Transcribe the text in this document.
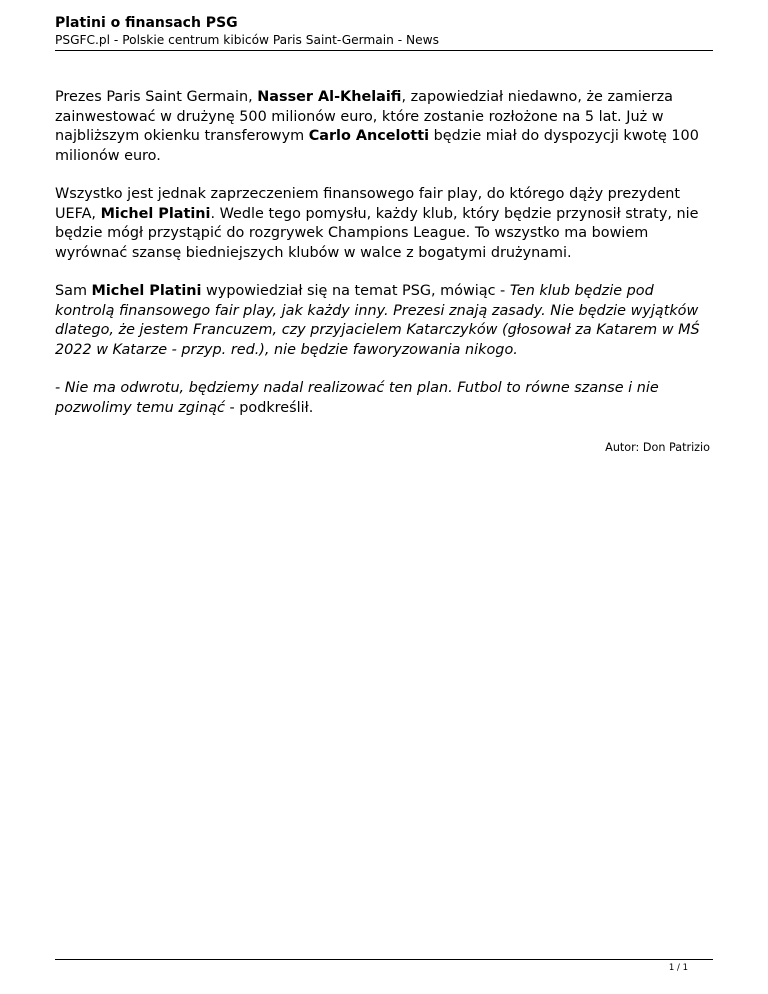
Platini o finansach PSG
PSGFC.pl - Polskie centrum kibiców Paris Saint-Germain - News

Prezes Paris Saint Germain, Nasser Al-Khelaifi, zapowiedział niedawno, że zamierza zainwestować w drużynę 500 milionów euro, które zostanie rozłożone na 5 lat. Już w najbliższym okienku transferowym Carlo Ancelotti będzie miał do dyspozycji kwotę 100 milionów euro.

Wszystko jest jednak zaprzeczeniem finansowego fair play, do którego dąży prezydent UEFA, Michel Platini. Wedle tego pomysłu, każdy klub, który będzie przynosił straty, nie będzie mógł przystąpić do rozgrywek Champions League. To wszystko ma bowiem wyrównać szansę biedniejszych klubów w walce z bogatymi drużynami.

Sam Michel Platini wypowiedział się na temat PSG, mówiąc - Ten klub będzie pod kontrolą finansowego fair play, jak każdy inny. Prezesi znają zasady. Nie będzie wyjątków dlatego, że jestem Francuzem, czy przyjacielem Katarczyków (głosował za Katarem w MŚ 2022 w Katarze - przyp. red.), nie będzie faworyzowania nikogo.

- Nie ma odwrotu, będziemy nadal realizować ten plan. Futbol to równe szanse i nie pozwolimy temu zginąć - podkreślił.

Autor: Don Patrizio
1 / 1
